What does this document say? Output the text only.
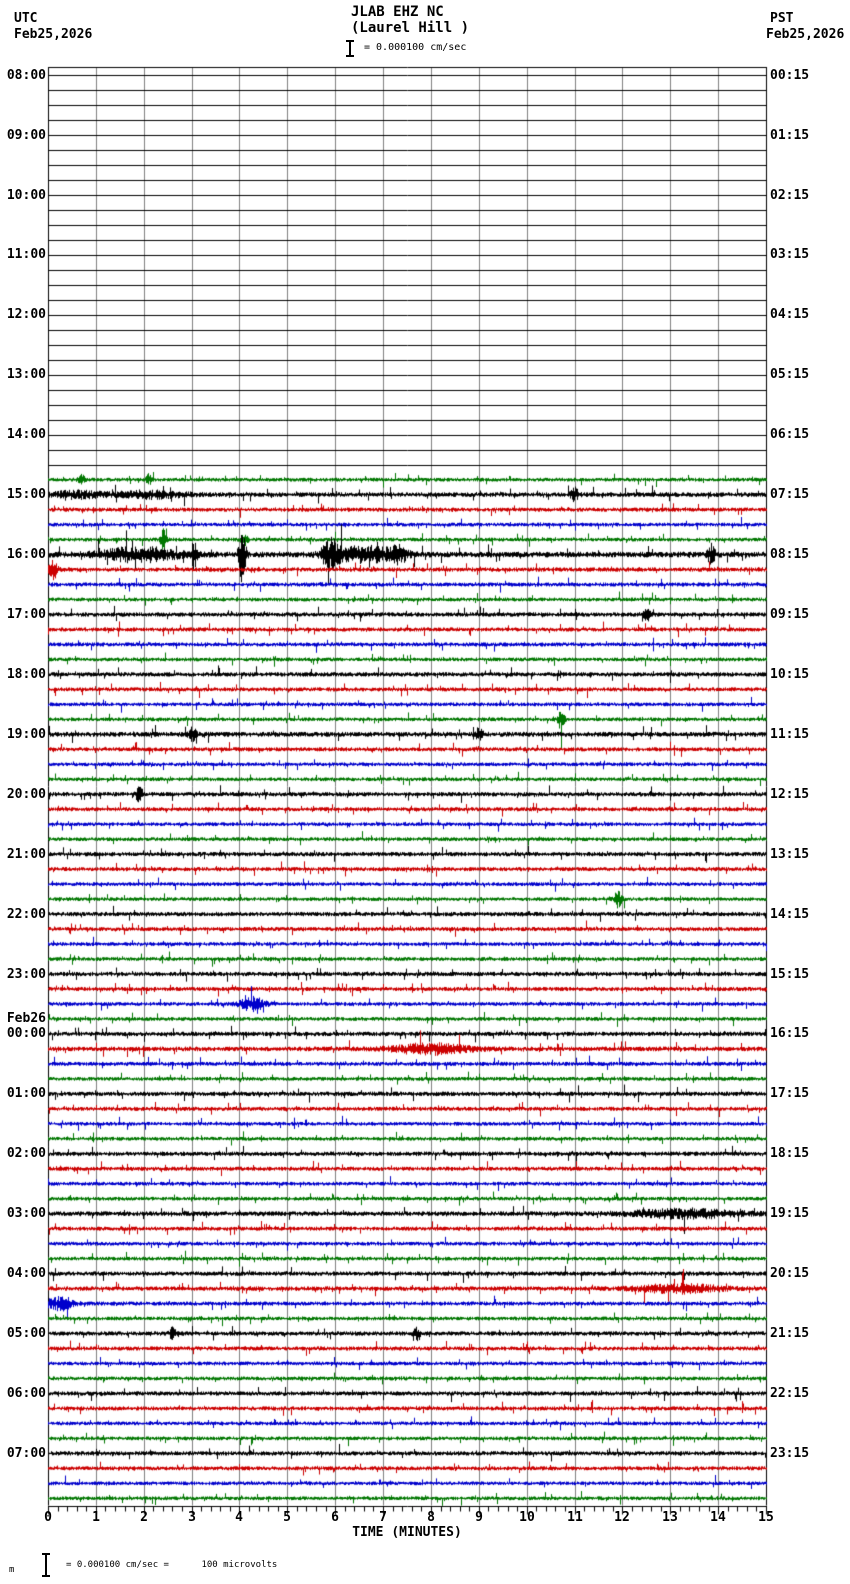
JLAB EHZ NC
(Laurel Hill )
= 0.000100 cm/sec
UTC
Feb25,2026
PST
Feb25,2026
TIME (MINUTES)
m	= 0.000100 cm/sec =      100 microvolts
08:00	00:15
09:00	01:15
10:00	02:15
11:00	03:15
12:00	04:15
13:00	05:15
14:00	06:15
15:00	07:15
16:00	08:15
17:00	09:15
18:00	10:15
19:00	11:15
20:00	12:15
21:00	13:15
22:00	14:15
23:00	15:15
00:00	16:15
Feb26
01:00	17:15
02:00	18:15
03:00	19:15
04:00	20:15
05:00	21:15
06:00	22:15
07:00	23:15
0	1	2	3	4	5	6	7	8	9	10	11	12	13	14	15
